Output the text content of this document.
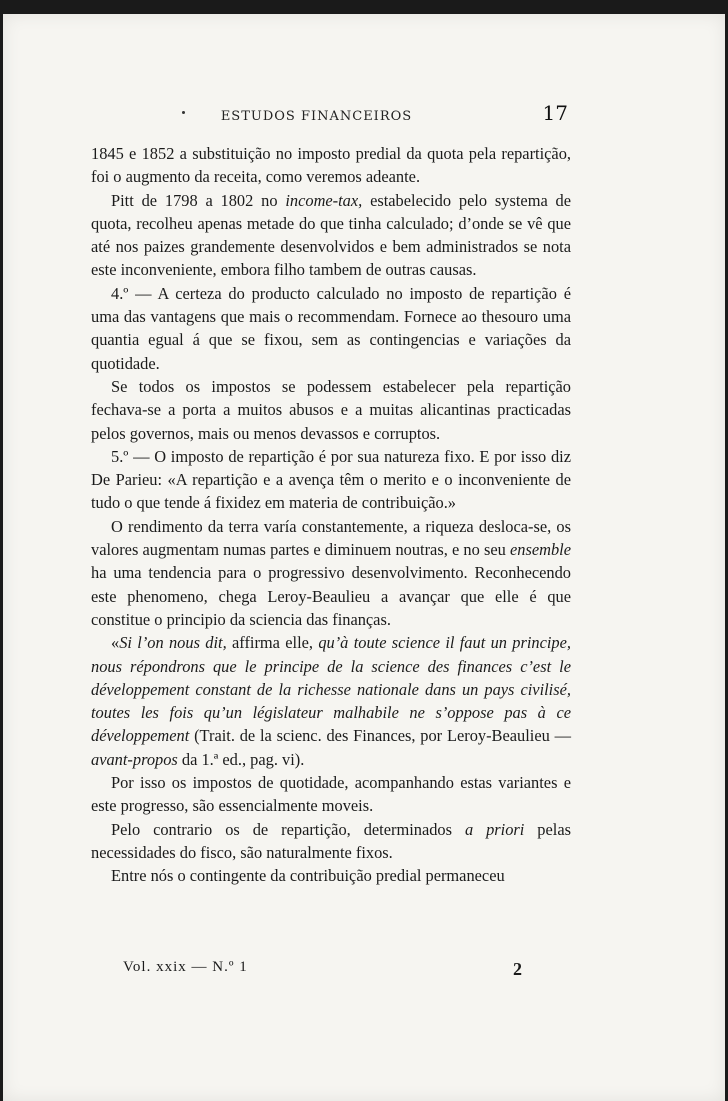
ESTUDOS FINANCEIROS	17

1845 e 1852 a substituição no imposto predial da quota pela repartição, foi o augmento da receita, como veremos adeante.

Pitt de 1798 a 1802 no income-tax, estabelecido pelo systema de quota, recolheu apenas metade do que tinha calculado; d’onde se vê que até nos paizes grandemente desenvolvidos e bem administrados se nota este inconveniente, embora filho tambem de outras causas.

4.º — A certeza do producto calculado no imposto de repartição é uma das vantagens que mais o recommendam. Fornece ao thesouro uma quantia egual á que se fixou, sem as contingencias e variações da quotidade.

Se todos os impostos se podessem estabelecer pela repartição fechava-se a porta a muitos abusos e a muitas alicantinas practicadas pelos governos, mais ou menos devassos e corruptos.

5.º — O imposto de repartição é por sua natureza fixo. E por isso diz De Parieu: «A repartição e a avença têm o merito e o inconveniente de tudo o que tende á fixidez em materia de contribuição.»

O rendimento da terra varía constantemente, a riqueza desloca-se, os valores augmentam numas partes e diminuem noutras, e no seu ensemble ha uma tendencia para o progressivo desenvolvimento. Reconhecendo este phenomeno, chega Leroy-Beaulieu a avançar que elle é que constitue o principio da sciencia das finanças.

«Si l’on nous dit, affirma elle, qu’à toute science il faut un principe, nous répondrons que le principe de la science des finances c’est le développement constant de la richesse nationale dans un pays civilisé, toutes les fois qu’un législateur malhabile ne s’oppose pas à ce développement (Trait. de la scienc. des Finances, por Leroy-Beaulieu — avant-propos da 1.ª ed., pag. vi).

Por isso os impostos de quotidade, acompanhando estas variantes e este progresso, são essencialmente moveis.

Pelo contrario os de repartição, determinados a priori pelas necessidades do fisco, são naturalmente fixos.

Entre nós o contingente da contribuição predial permaneceu

Vol. xxix — N.º 1	2
